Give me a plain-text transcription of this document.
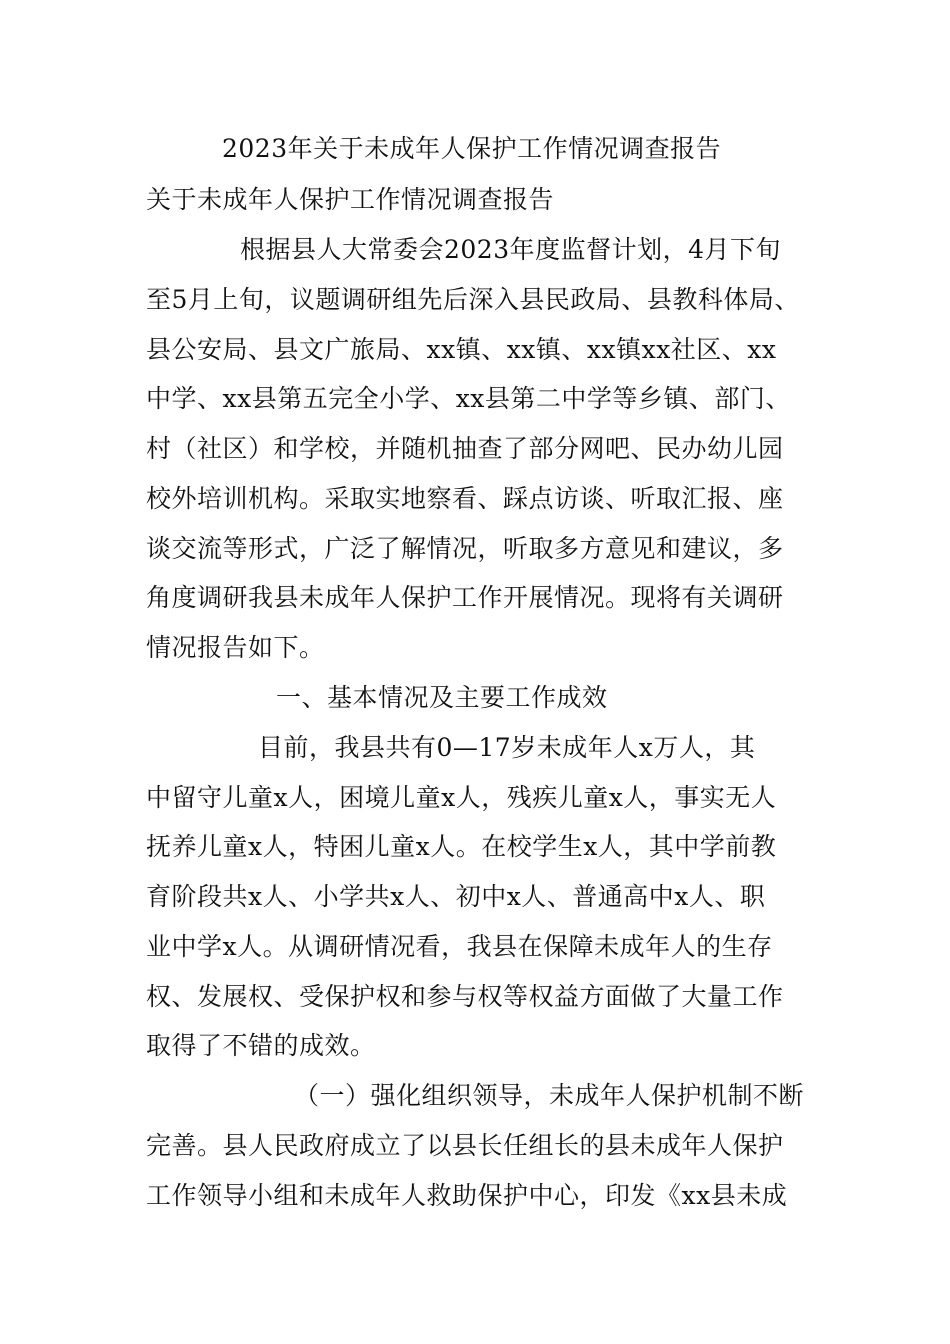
2023年关于未成年人保护工作情况调查报告
关于未成年人保护工作情况调查报告
根据县人大常委会2023年度监督计划，4月下旬
至5月上旬，议题调研组先后深入县民政局、县教科体局、
县公安局、县文广旅局、xx镇、xx镇、xx镇xx社区、xx
中学、xx县第五完全小学、xx县第二中学等乡镇、部门、
村（社区）和学校，并随机抽查了部分网吧、民办幼儿园
校外培训机构。采取实地察看、踩点访谈、听取汇报、座
谈交流等形式，广泛了解情况，听取多方意见和建议，多
角度调研我县未成年人保护工作开展情况。现将有关调研
情况报告如下。
一、基本情况及主要工作成效
目前，我县共有0—17岁未成年人x万人，其
中留守儿童x人，困境儿童x人，残疾儿童x人，事实无人
抚养儿童x人，特困儿童x人。在校学生x人，其中学前教
育阶段共x人、小学共x人、初中x人、普通高中x人、职
业中学x人。从调研情况看，我县在保障未成年人的生存
权、发展权、受保护权和参与权等权益方面做了大量工作
取得了不错的成效。
（一）强化组织领导，未成年人保护机制不断
完善。县人民政府成立了以县长任组长的县未成年人保护
工作领导小组和未成年人救助保护中心，印发《xx县未成
